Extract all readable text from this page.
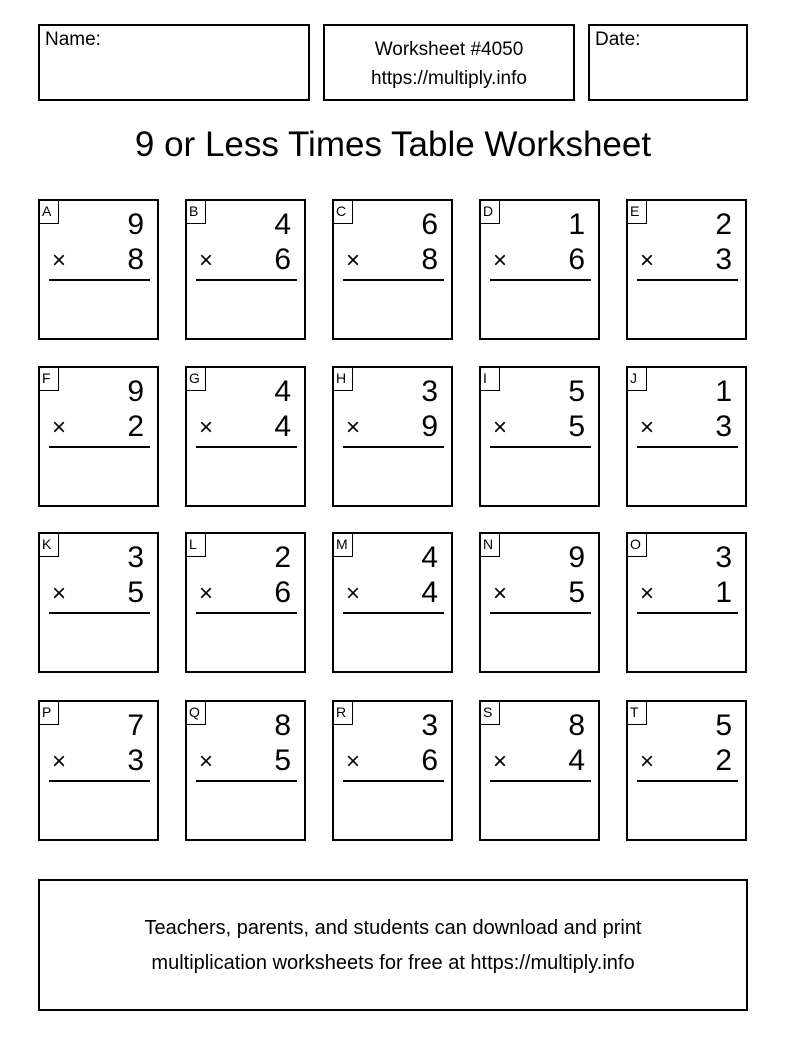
Name:	Worksheet #4050
https://multiply.info
Date:
9 or Less Times Table Worksheet
A	9
× 8
B	4
× 6
C	6
× 8
D	1
× 6
E	2
× 3
F	9
× 2
G 4
× 4
H	3
× 9
I	5
× 5
J	1
× 3
K	3
× 5
L	2
× 6
M 4
× 4
N	9
× 5
O 3
× 1
P	7
× 3
Q 8
× 5
R	3
× 6
S	8
× 4
T	5
× 2
Teachers, parents, and students can download and print
multiplication worksheets for free at https://multiply.info
